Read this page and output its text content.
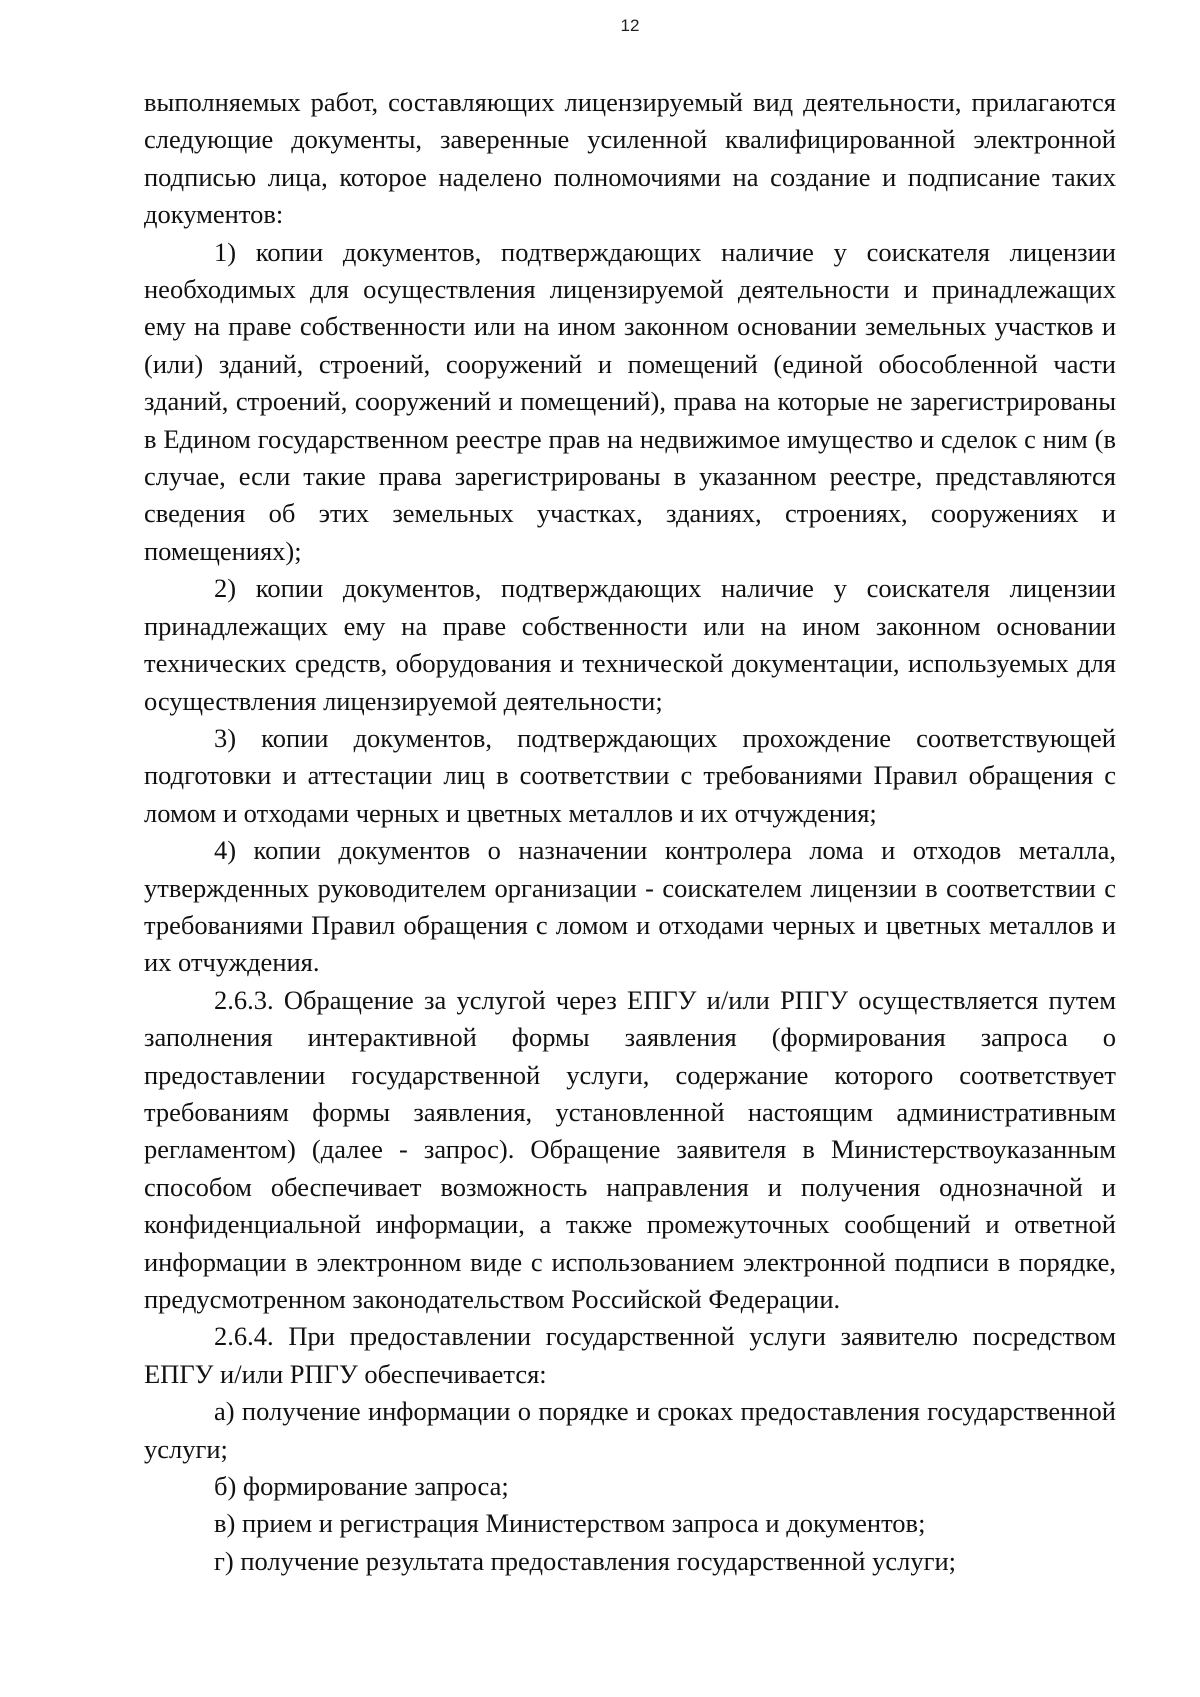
12

выполняемых работ, составляющих лицензируемый вид деятельности, прилагаются следующие документы, заверенные усиленной квалифицированной электронной подписью лица, которое наделено полномочиями на создание и подписание таких документов:

1) копии документов, подтверждающих наличие у соискателя лицензии необходимых для осуществления лицензируемой деятельности и принадлежащих ему на праве собственности или на ином законном основании земельных участков и (или) зданий, строений, сооружений и помещений (единой обособленной части зданий, строений, сооружений и помещений), права на которые не зарегистрированы в Едином государственном реестре прав на недвижимое имущество и сделок с ним (в случае, если такие права зарегистрированы в указанном реестре, представляются сведения об этих земельных участках, зданиях, строениях, сооружениях и помещениях);

2) копии документов, подтверждающих наличие у соискателя лицензии принадлежащих ему на праве собственности или на ином законном основании технических средств, оборудования и технической документации, используемых для осуществления лицензируемой деятельности;

3) копии документов, подтверждающих прохождение соответствующей подготовки и аттестации лиц в соответствии с требованиями Правил обращения с ломом и отходами черных и цветных металлов и их отчуждения;

4) копии документов о назначении контролера лома и отходов металла, утвержденных руководителем организации - соискателем лицензии в соответствии с требованиями Правил обращения с ломом и отходами черных и цветных металлов и их отчуждения.

2.6.3. Обращение за услугой через ЕПГУ и/или РПГУ осуществляется путем заполнения интерактивной формы заявления (формирования запроса о предоставлении государственной услуги, содержание которого соответствует требованиям формы заявления, установленной настоящим административным регламентом) (далее - запрос). Обращение заявителя в Министерствоуказанным способом обеспечивает возможность направления и получения однозначной и конфиденциальной информации, а также промежуточных сообщений и ответной информации в электронном виде с использованием электронной подписи в порядке, предусмотренном законодательством Российской Федерации.

2.6.4. При предоставлении государственной услуги заявителю посредством ЕПГУ и/или РПГУ обеспечивается:

а) получение информации о порядке и сроках предоставления государственной услуги;

б) формирование запроса;

в) прием и регистрация Министерством запроса и документов;

г) получение результата предоставления государственной услуги;
